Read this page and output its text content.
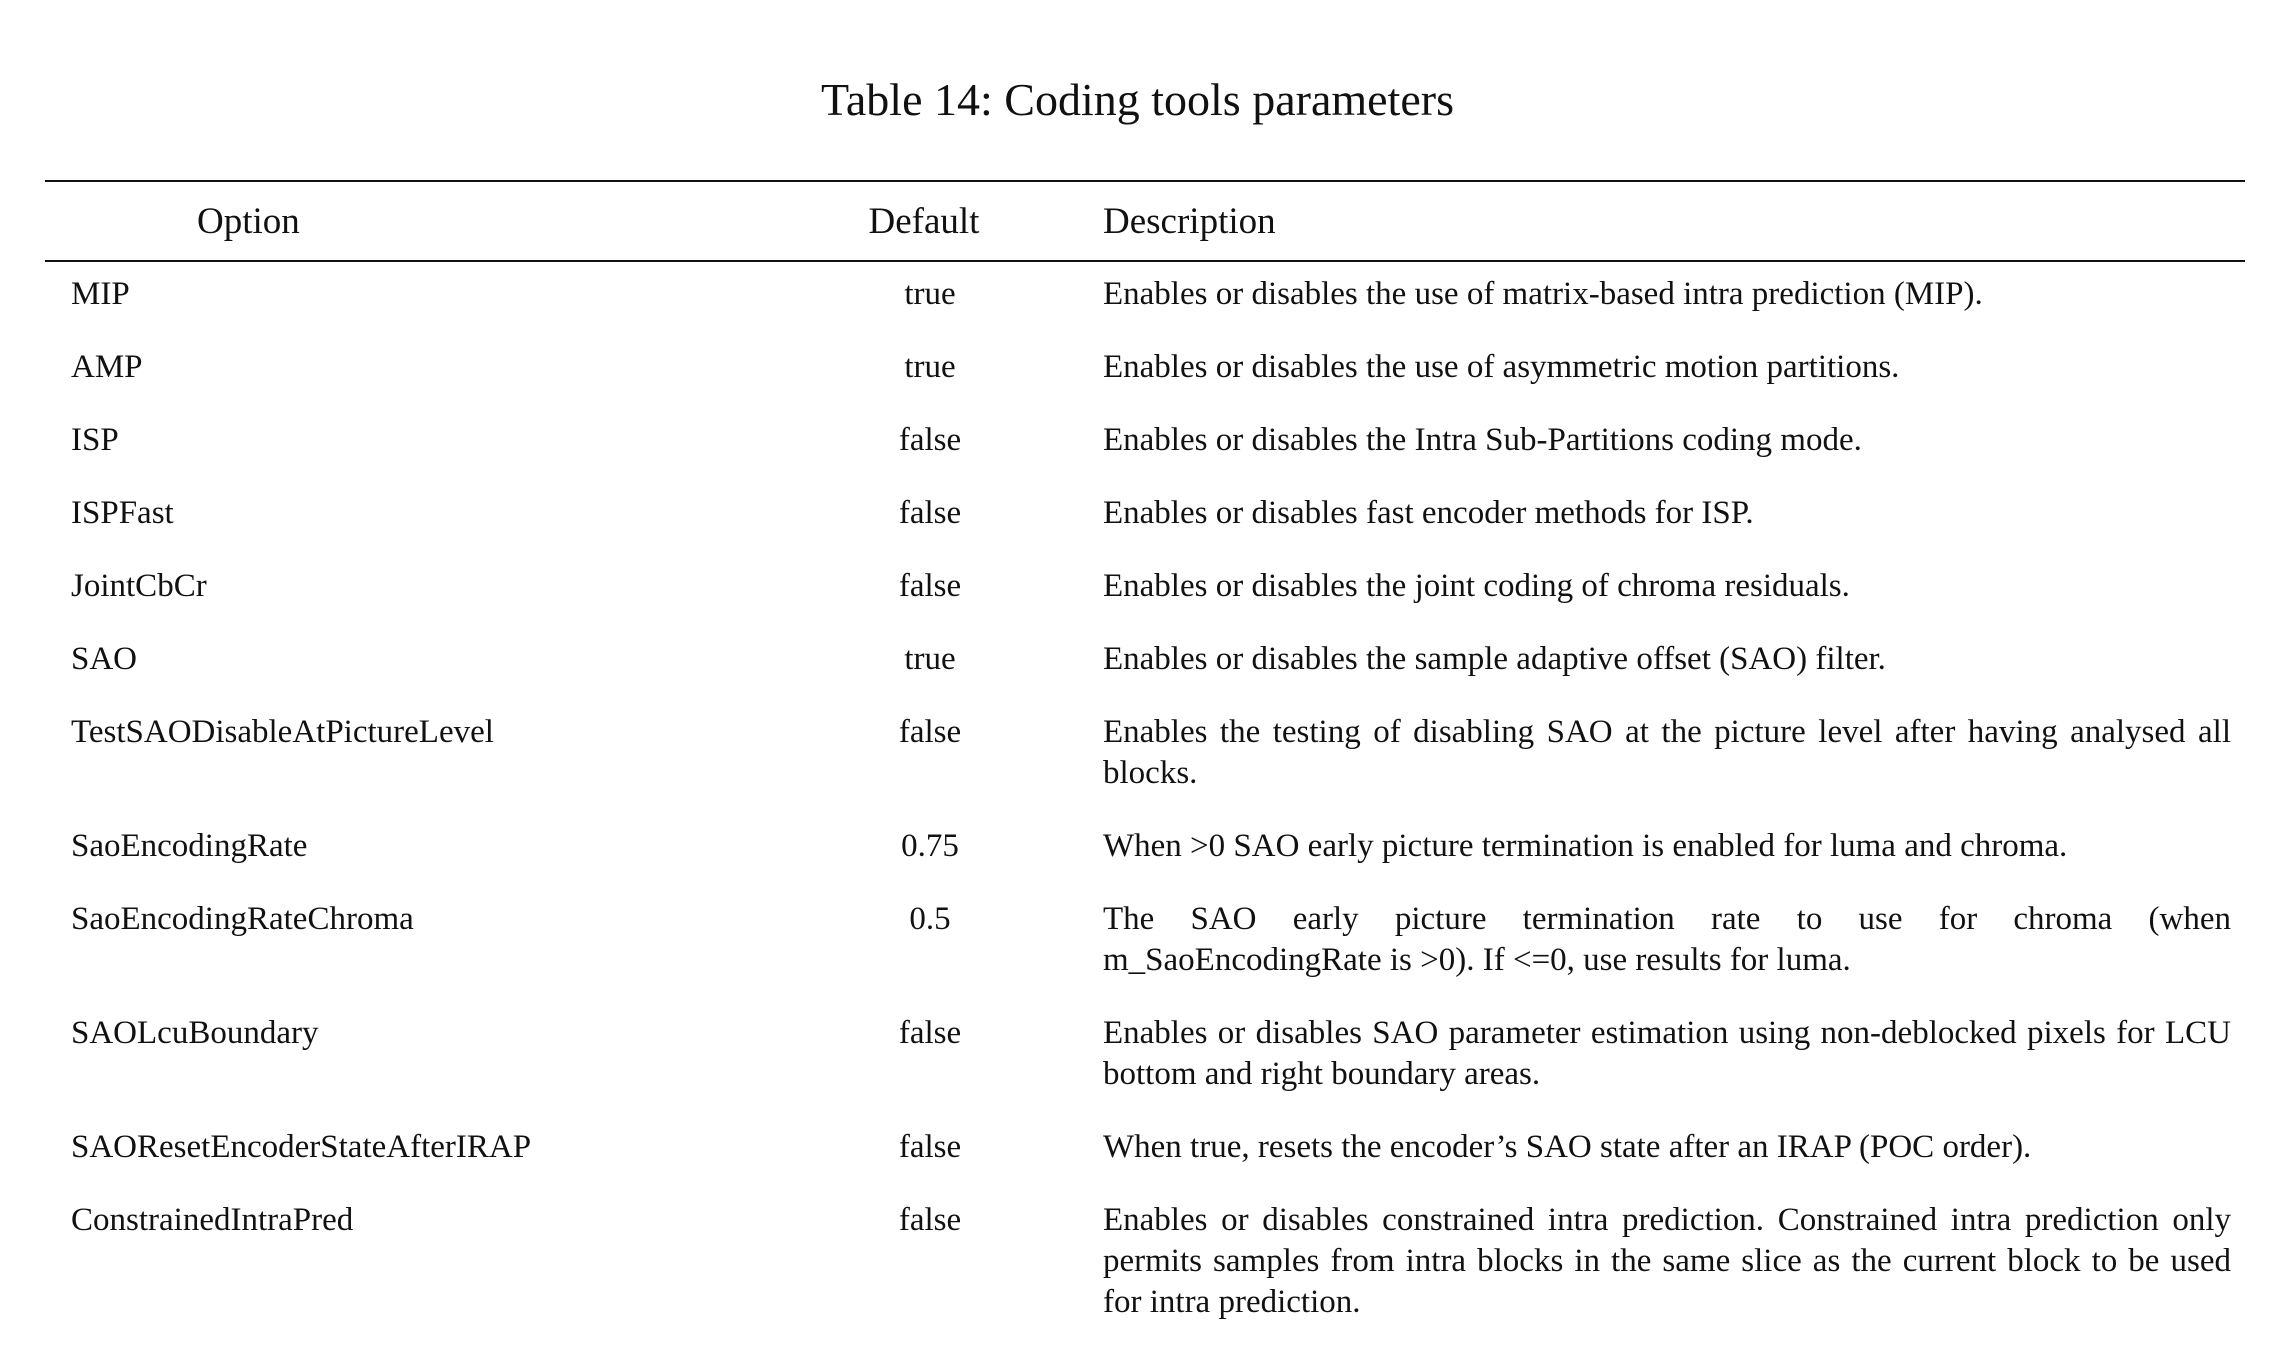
Table 14: Coding tools parameters
Option	Default	Description
MIP	true	Enables or disables the use of matrix-based intra prediction (MIP).
AMP	true	Enables or disables the use of asymmetric motion partitions.
ISP	false	Enables or disables the Intra Sub-Partitions coding mode.
ISPFast	false	Enables or disables fast encoder methods for ISP.
JointCbCr	false	Enables or disables the joint coding of chroma residuals.
SAO	true	Enables or disables the sample adaptive offset (SAO) filter.
TestSAODisableAtPictureLevel	false	Enables the testing of disabling SAO at the picture level after having analysed all blocks.
SaoEncodingRate	0.75	When >0 SAO early picture termination is enabled for luma and chroma.
SaoEncodingRateChroma	0.5	The SAO early picture termination rate to use for chroma (when m_SaoEncodingRate is >0). If <=0, use results for luma.
SAOLcuBoundary	false	Enables or disables SAO parameter estimation using non-deblocked pixels for LCU bottom and right boundary areas.
SAOResetEncoderStateAfterIRAP	false	When true, resets the encoder’s SAO state after an IRAP (POC order).
ConstrainedIntraPred	false	Enables or disables constrained intra prediction. Constrained intra prediction only permits samples from intra blocks in the same slice as the current block to be used for intra prediction.
